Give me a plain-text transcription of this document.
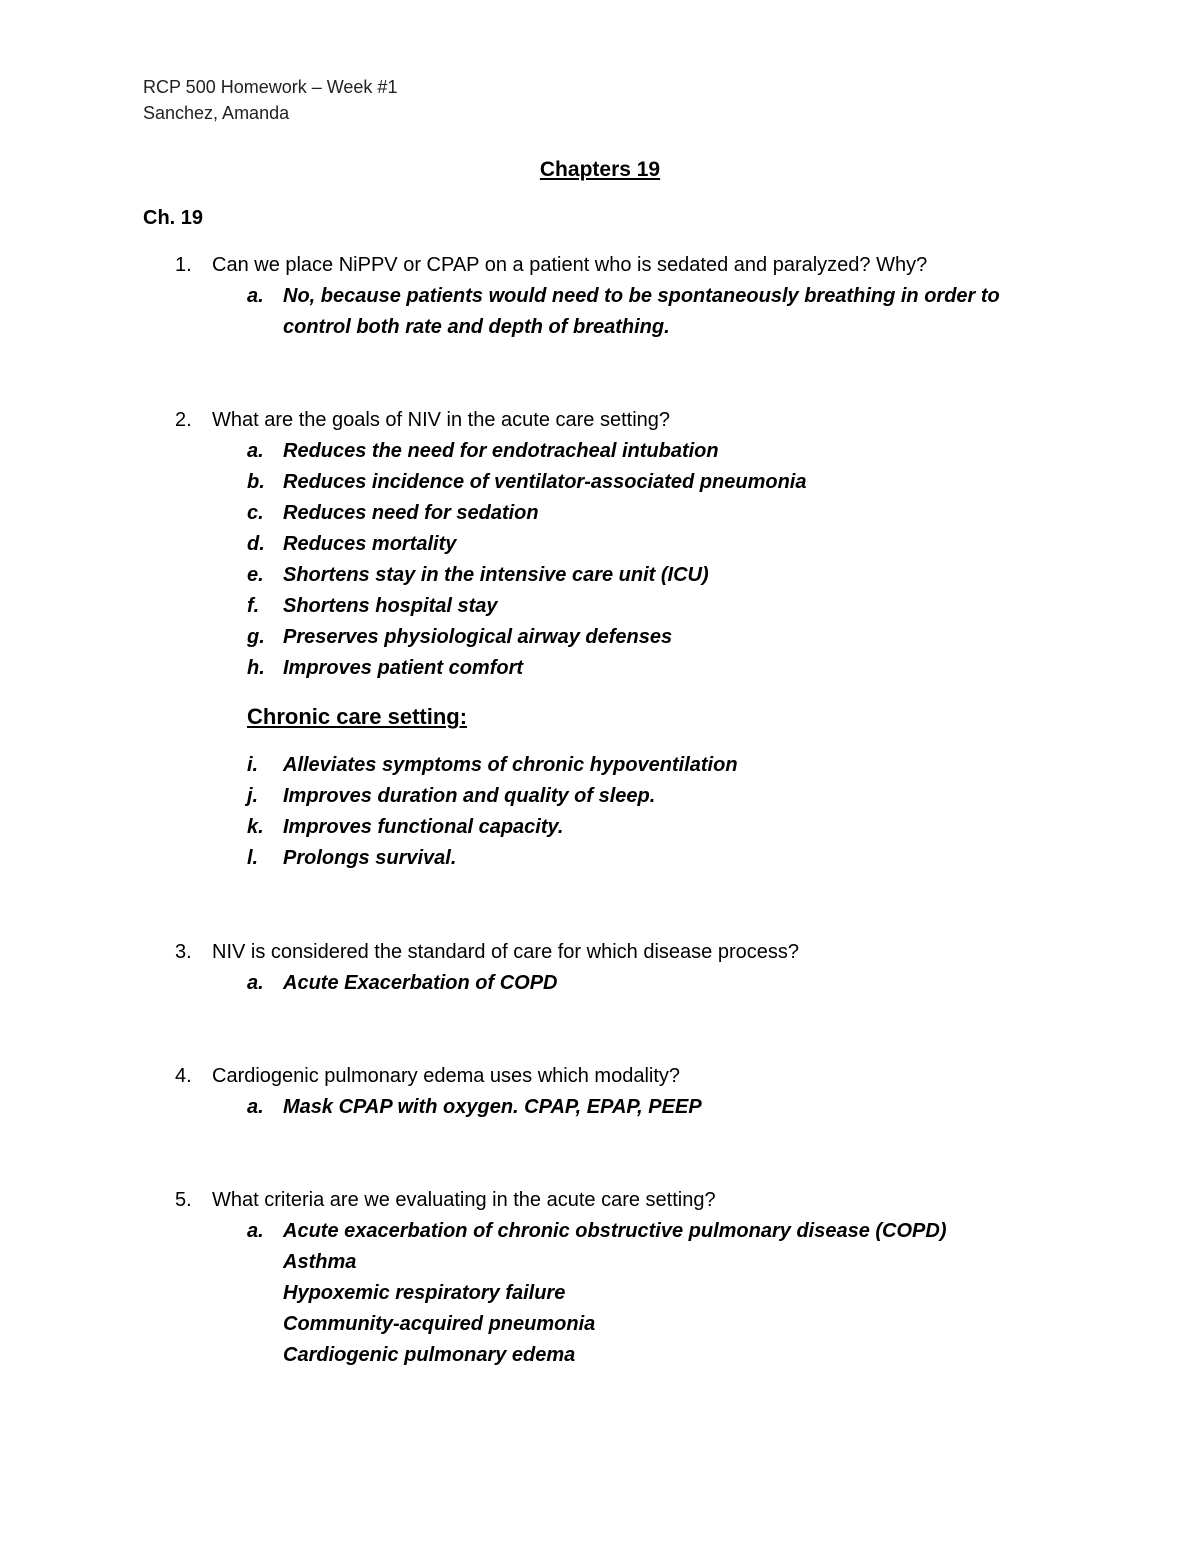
RCP 500 Homework – Week #1
Sanchez, Amanda
Chapters 19
Ch. 19
1. Can we place NiPPV or CPAP on a patient who is sedated and paralyzed? Why?
a. No, because patients would need to be spontaneously breathing in order to
control both rate and depth of breathing.
2. What are the goals of NIV in the acute care setting?
a. Reduces the need for endotracheal intubation
b. Reduces incidence of ventilator-associated pneumonia
c. Reduces need for sedation
d. Reduces mortality
e. Shortens stay in the intensive care unit (ICU)
f. Shortens hospital stay
g. Preserves physiological airway defenses
h. Improves patient comfort
Chronic care setting:
i. Alleviates symptoms of chronic hypoventilation
j. Improves duration and quality of sleep.
k. Improves functional capacity.
l. Prolongs survival.
3. NIV is considered the standard of care for which disease process?
a. Acute Exacerbation of COPD
4. Cardiogenic pulmonary edema uses which modality?
a. Mask CPAP with oxygen. CPAP, EPAP, PEEP
5. What criteria are we evaluating in the acute care setting?
a. Acute exacerbation of chronic obstructive pulmonary disease (COPD)
Asthma
Hypoxemic respiratory failure
Community-acquired pneumonia
Cardiogenic pulmonary edema
